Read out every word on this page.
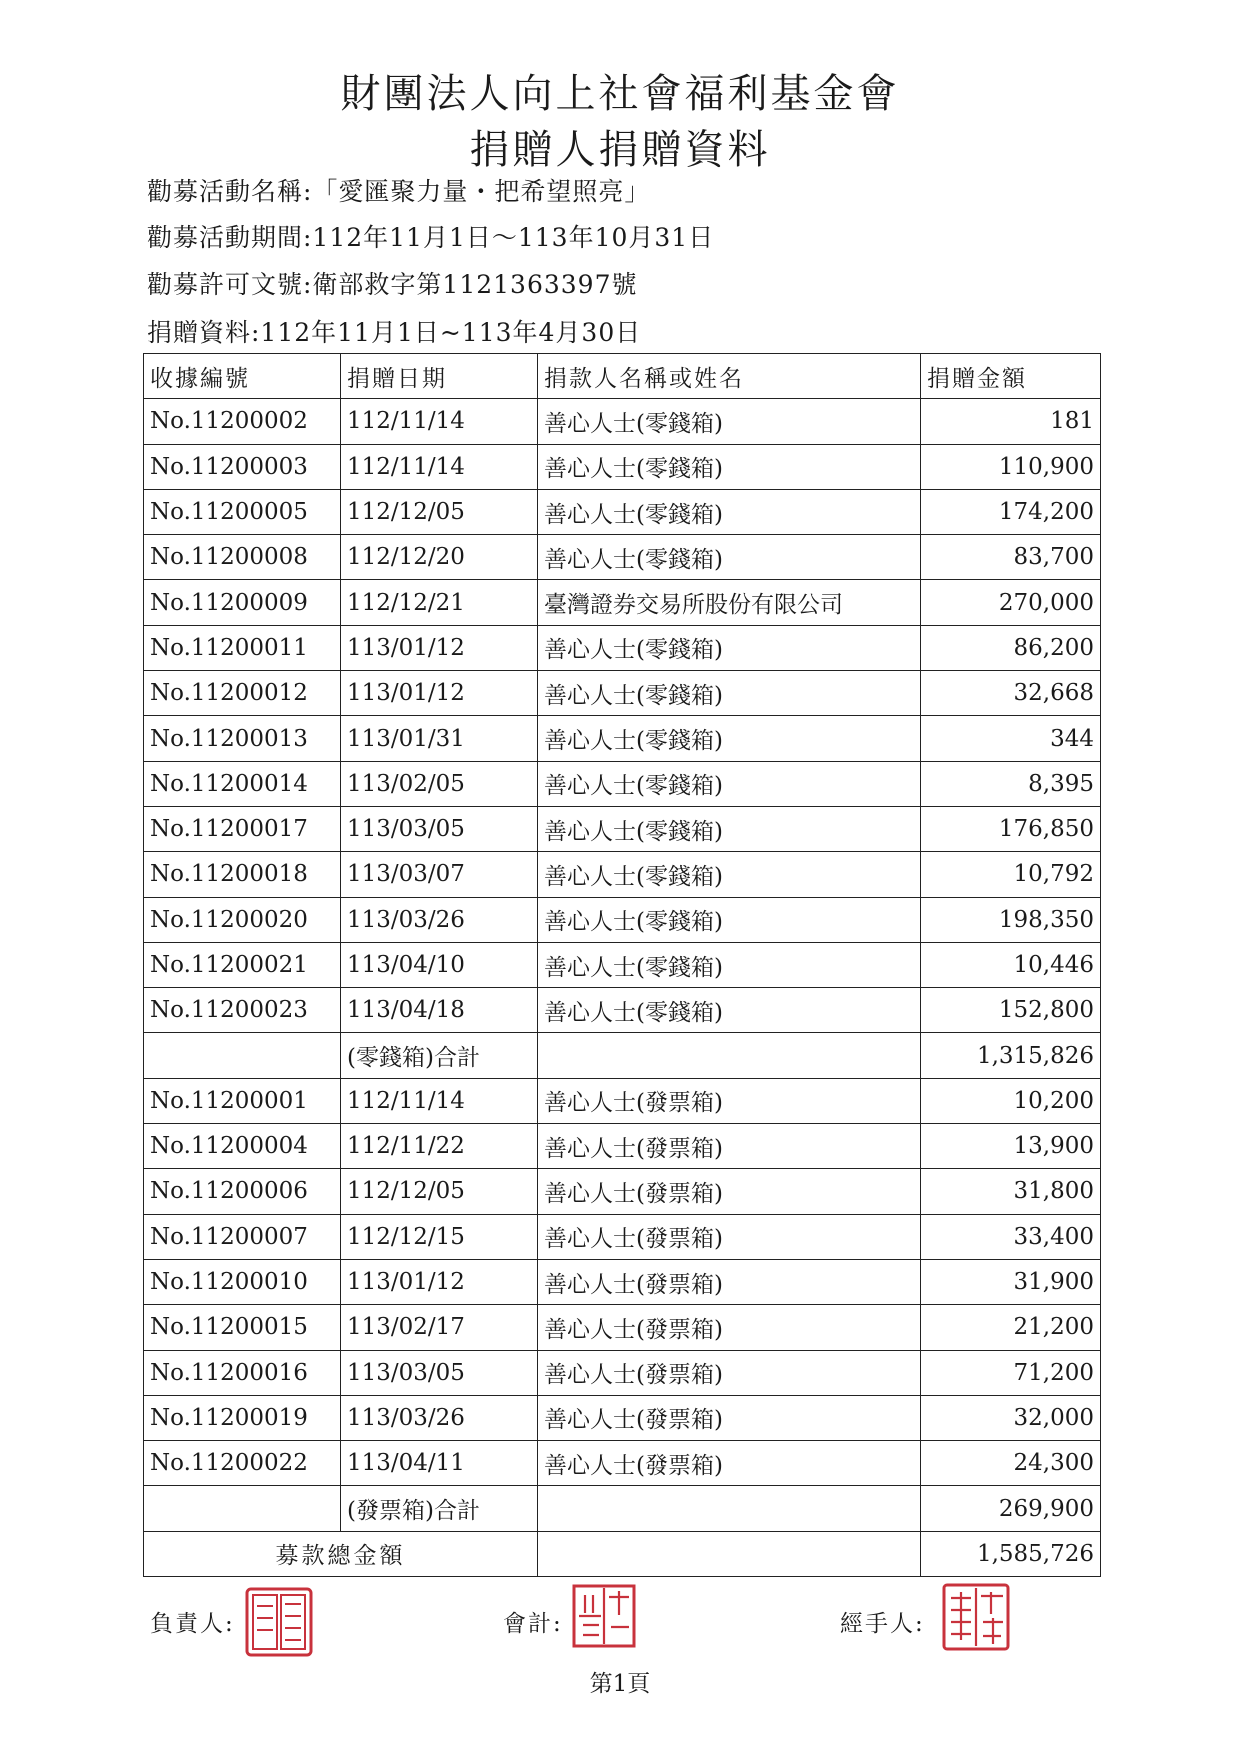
財團法人向上社會福利基金會
捐贈人捐贈資料
勸募活動名稱:「愛匯聚力量・把希望照亮」
勸募活動期間:112年11月1日～113年10月31日
勸募許可文號:衛部救字第1121363397號
捐贈資料:112年11月1日~113年4月30日
收據編號	捐贈日期	捐款人名稱或姓名	捐贈金額
No.11200002	112/11/14	善心人士(零錢箱)	181
No.11200003	112/11/14	善心人士(零錢箱)	110,900
No.11200005	112/12/05	善心人士(零錢箱)	174,200
No.11200008	112/12/20	善心人士(零錢箱)	83,700
No.11200009	112/12/21	臺灣證券交易所股份有限公司	270,000
No.11200011	113/01/12	善心人士(零錢箱)	86,200
No.11200012	113/01/12	善心人士(零錢箱)	32,668
No.11200013	113/01/31	善心人士(零錢箱)	344
No.11200014	113/02/05	善心人士(零錢箱)	8,395
No.11200017	113/03/05	善心人士(零錢箱)	176,850
No.11200018	113/03/07	善心人士(零錢箱)	10,792
No.11200020	113/03/26	善心人士(零錢箱)	198,350
No.11200021	113/04/10	善心人士(零錢箱)	10,446
No.11200023	113/04/18	善心人士(零錢箱)	152,800
	(零錢箱)合計		1,315,826
No.11200001	112/11/14	善心人士(發票箱)	10,200
No.11200004	112/11/22	善心人士(發票箱)	13,900
No.11200006	112/12/05	善心人士(發票箱)	31,800
No.11200007	112/12/15	善心人士(發票箱)	33,400
No.11200010	113/01/12	善心人士(發票箱)	31,900
No.11200015	113/02/17	善心人士(發票箱)	21,200
No.11200016	113/03/05	善心人士(發票箱)	71,200
No.11200019	113/03/26	善心人士(發票箱)	32,000
No.11200022	113/04/11	善心人士(發票箱)	24,300
	(發票箱)合計		269,900
募款總金額			1,585,726
負責人:	會計:	經手人:
第1頁
